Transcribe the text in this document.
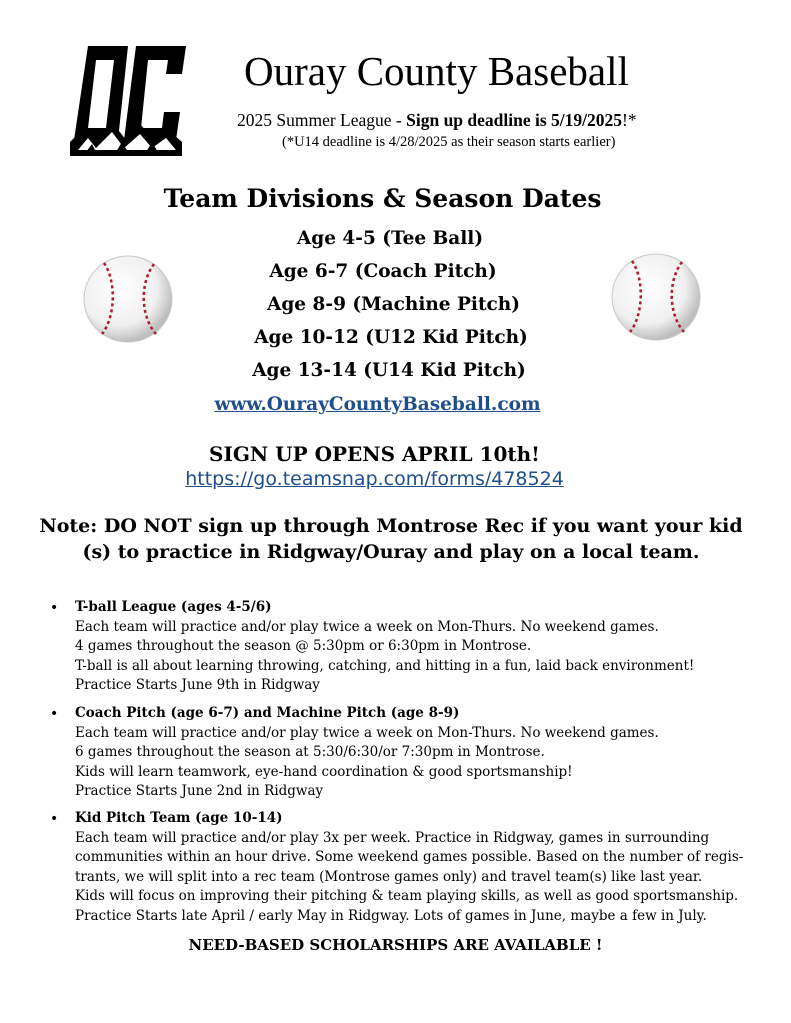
Ouray County Baseball
2025 Summer League - Sign up deadline is 5/19/2025!*
(*U14 deadline is 4/28/2025 as their season starts earlier)
Team Divisions & Season Dates
Age 4-5 (Tee Ball)
Age 6-7 (Coach Pitch)
Age 8-9 (Machine Pitch)
Age 10-12 (U12 Kid Pitch)
Age 13-14 (U14 Kid Pitch)
www.OurayCountyBaseball.com
SIGN UP OPENS APRIL 10th!
https://go.teamsnap.com/forms/478524
Note: DO NOT sign up through Montrose Rec if you want your kid (s) to practice in Ridgway/Ouray and play on a local team.
• T-ball League (ages 4-5/6)
Each team will practice and/or play twice a week on Mon-Thurs. No weekend games.
4 games throughout the season @ 5:30pm or 6:30pm in Montrose.
T-ball is all about learning throwing, catching, and hitting in a fun, laid back environment!
Practice Starts June 9th in Ridgway
• Coach Pitch (age 6-7) and Machine Pitch (age 8-9)
Each team will practice and/or play twice a week on Mon-Thurs. No weekend games.
6 games throughout the season at 5:30/6:30/or 7:30pm in Montrose.
Kids will learn teamwork, eye-hand coordination & good sportsmanship!
Practice Starts June 2nd in Ridgway
• Kid Pitch Team (age 10-14)
Each team will practice and/or play 3x per week. Practice in Ridgway, games in surrounding
communities within an hour drive. Some weekend games possible. Based on the number of regis-
trants, we will split into a rec team (Montrose games only) and travel team(s) like last year.
Kids will focus on improving their pitching & team playing skills, as well as good sportsmanship.
Practice Starts late April / early May in Ridgway. Lots of games in June, maybe a few in July.
NEED-BASED SCHOLARSHIPS ARE AVAILABLE !
